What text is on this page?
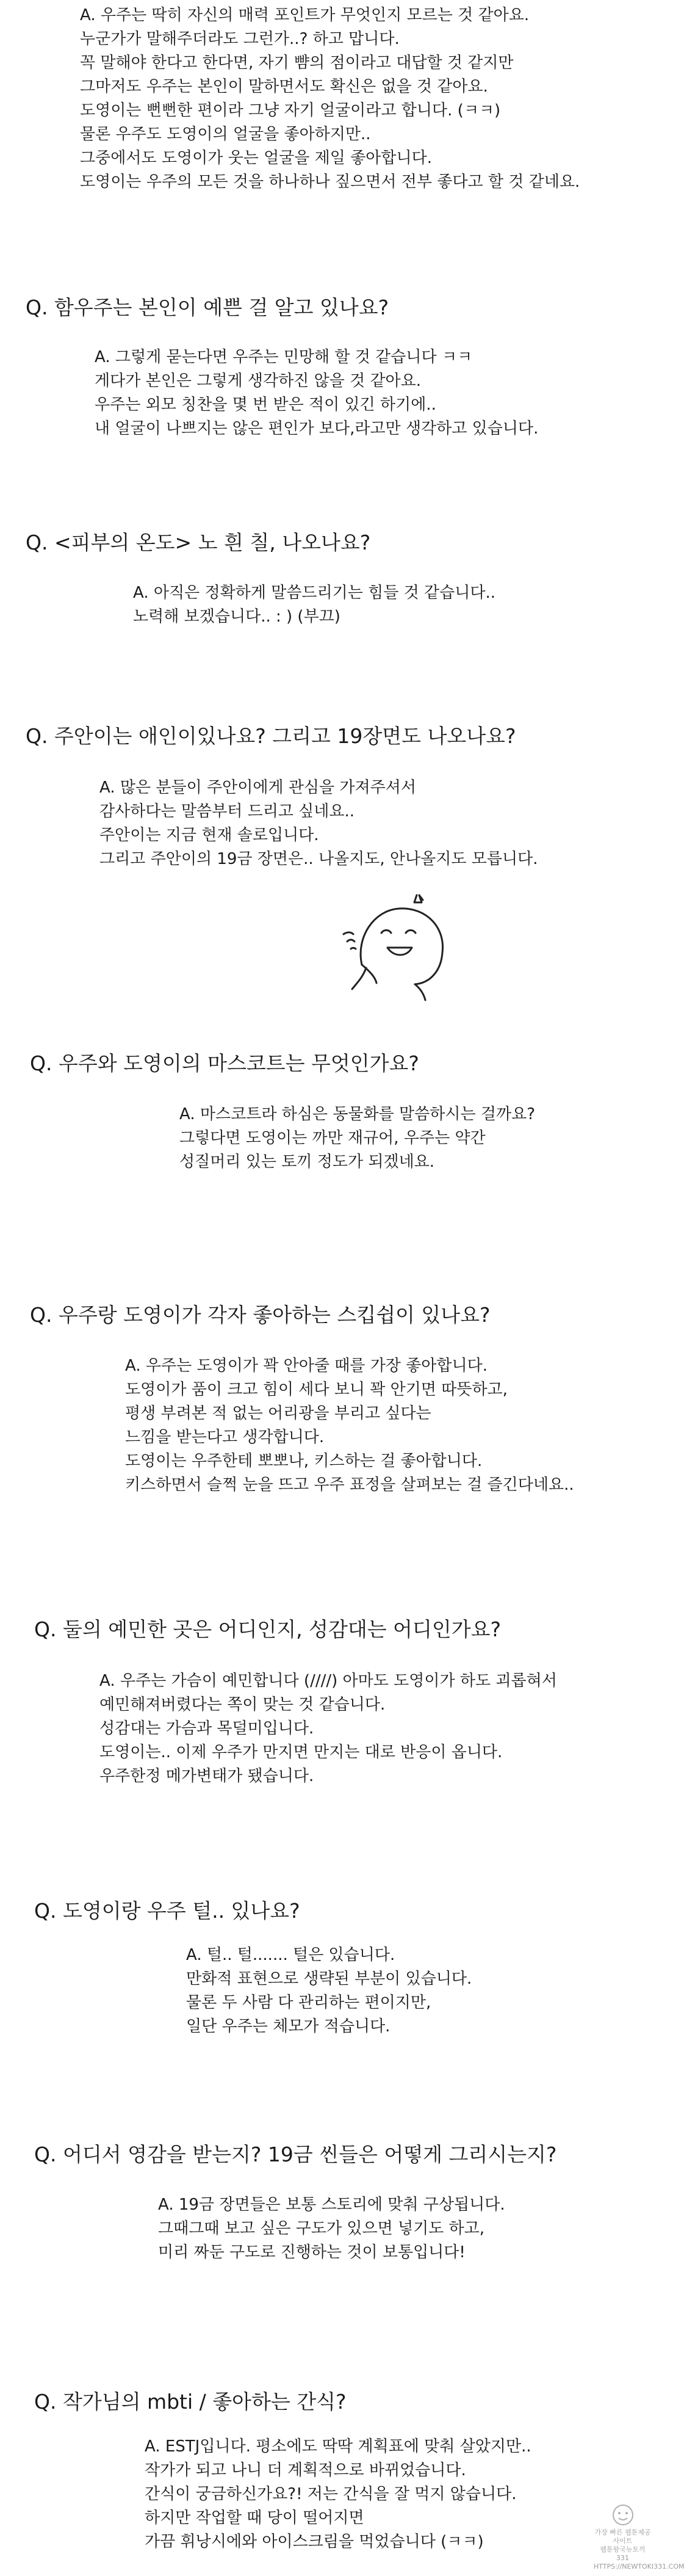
A. 우주는 딱히 자신의 매력 포인트가 무엇인지 모르는 것 같아요.
누군가가 말해주더라도 그런가..? 하고 맙니다.
꼭 말해야 한다고 한다면, 자기 뺨의 점이라고 대답할 것 같지만
그마저도 우주는 본인이 말하면서도 확신은 없을 것 같아요.
도영이는 뻔뻔한 편이라 그냥 자기 얼굴이라고 합니다. (ㅋㅋ)
물론 우주도 도영이의 얼굴을 좋아하지만..
그중에서도 도영이가 웃는 얼굴을 제일 좋아합니다.
도영이는 우주의 모든 것을 하나하나 짚으면서 전부 좋다고 할 것 같네요.
Q. 함우주는 본인이 예쁜 걸 알고 있나요?
A. 그렇게 묻는다면 우주는 민망해 할 것 같습니다 ㅋㅋ
게다가 본인은 그렇게 생각하진 않을 것 같아요.
우주는 외모 칭찬을 몇 번 받은 적이 있긴 하기에..
내 얼굴이 나쁘지는 않은 편인가 보다,라고만 생각하고 있습니다.
Q. <피부의 온도> 노 흰 칠, 나오나요?
A. 아직은 정확하게 말씀드리기는 힘들 것 같습니다..
노력해 보겠습니다.. : ) (부끄)
Q. 주안이는 애인이있나요? 그리고 19장면도 나오나요?
A. 많은 분들이 주안이에게 관심을 가져주셔서
감사하다는 말씀부터 드리고 싶네요..
주안이는 지금 현재 솔로입니다.
그리고 주안이의 19금 장면은.. 나올지도, 안나올지도 모릅니다.
Q. 우주와 도영이의 마스코트는 무엇인가요?
A. 마스코트라 하심은 동물화를 말씀하시는 걸까요?
그렇다면 도영이는 까만 재규어, 우주는 약간
성질머리 있는 토끼 정도가 되겠네요.
Q. 우주랑 도영이가 각자 좋아하는 스킵쉽이 있나요?
A. 우주는 도영이가 꽉 안아줄 때를 가장 좋아합니다.
도영이가 품이 크고 힘이 세다 보니 꽉 안기면 따뜻하고,
평생 부려본 적 없는 어리광을 부리고 싶다는
느낌을 받는다고 생각합니다.
도영이는 우주한테 뽀뽀나, 키스하는 걸 좋아합니다.
키스하면서 슬쩍 눈을 뜨고 우주 표정을 살펴보는 걸 즐긴다네요..
Q. 둘의 예민한 곳은 어디인지, 성감대는 어디인가요?
A. 우주는 가슴이 예민합니다 (////) 아마도 도영이가 하도 괴롭혀서
예민해져버렸다는 쪽이 맞는 것 같습니다.
성감대는 가슴과 목덜미입니다.
도영이는.. 이제 우주가 만지면 만지는 대로 반응이 옵니다.
우주한정 메가변태가 됐습니다.
Q. 도영이랑 우주 털.. 있나요?
A. 털.. 털....... 털은 있습니다.
만화적 표현으로 생략된 부분이 있습니다.
물론 두 사람 다 관리하는 편이지만,
일단 우주는 체모가 적습니다.
Q. 어디서 영감을 받는지? 19금 씬들은 어떻게 그리시는지?
A. 19금 장면들은 보통 스토리에 맞춰 구상됩니다.
그때그때 보고 싶은 구도가 있으면 넣기도 하고,
미리 짜둔 구도로 진행하는 것이 보통입니다!
Q. 작가님의 mbti / 좋아하는 간식?
A. ESTJ입니다. 평소에도 딱딱 계획표에 맞춰 살았지만..
작가가 되고 나니 더 계획적으로 바뀌었습니다.
간식이 궁금하신가요?! 저는 간식을 잘 먹지 않습니다.
하지만 작업할 때 당이 떨어지면
가끔 휘낭시에와 아이스크림을 먹었습니다 (ㅋㅋ)
가장 빠른 웹툰제공사이트
웹툰왕국뉴토끼331
HTTPS://NEWTOKI331.COM
